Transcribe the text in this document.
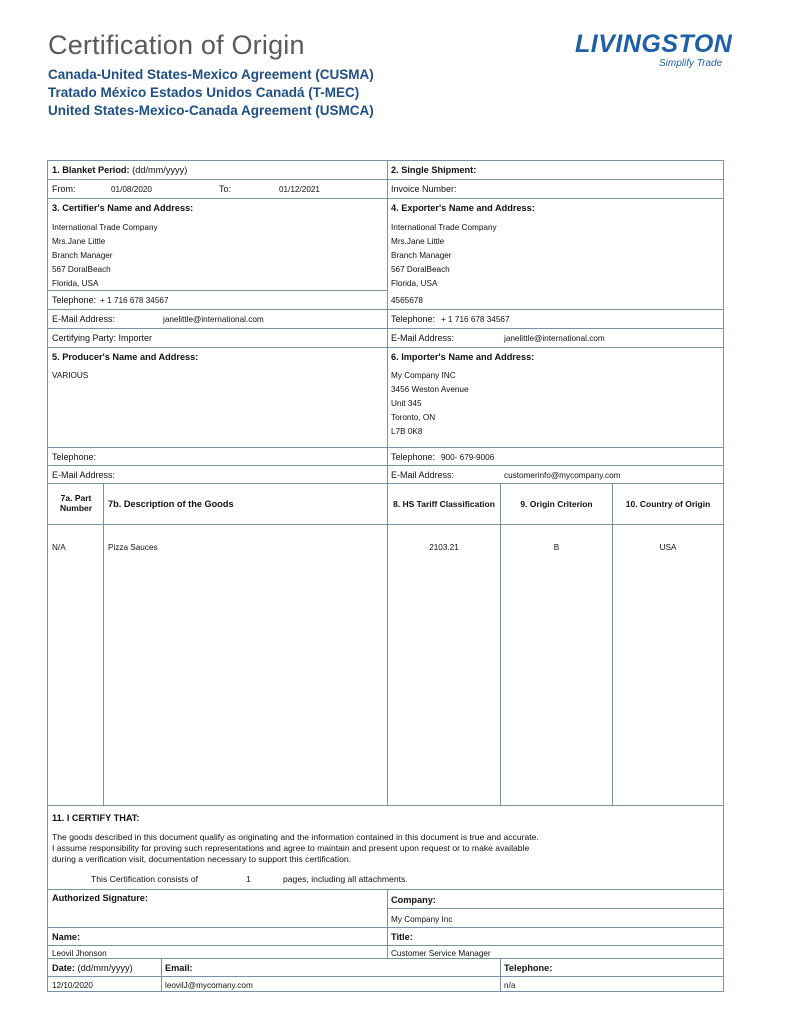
Certification of Origin
Canada-United States-Mexico Agreement (CUSMA)
Tratado México Estados Unidos Canadá (T-MEC)
United States-Mexico-Canada Agreement (USMCA)
LIVINGSTON
Simplify Trade
1. Blanket Period: (dd/mm/yyyy)
From:	01/08/2020	To:	01/12/2021
2. Single Shipment:
Invoice Number:
3. Certifier's Name and Address:
International Trade Company
Mrs.Jane Little
Branch Manager
567 DoralBeach
Florida, USA
Telephone: + 1 716 678 34567
E-Mail Address:	janelittle@international.com
Certifying Party: Importer
4. Exporter's Name and Address:
International Trade Company
Mrs.Jane Little
Branch Manager
567 DoralBeach
Florida, USA
4565678
Telephone: + 1 716 678 34567
E-Mail Address:	janelittle@international.com
5. Producer's Name and Address:
VARIOUS
Telephone:
E-Mail Address:
6. Importer's Name and Address:
My Company INC
3456 Weston Avenue
Unit 345
Toronto, ON
L7B 0K8
Telephone: 900- 679-9006
E-Mail Address:	customerinfo@mycompany.com
7a. Part Number	7b. Description of the Goods	8. HS Tariff Classification	9. Origin Criterion	10. Country of Origin
N/A	Pizza Sauces	2103.21	B	USA
11. I CERTIFY THAT:
The goods described in this document qualify as originating and the information contained in this document is true and accurate.
I assume responsibility for proving such representations and agree to maintain and present upon request or to make available
during a verification visit, documentation necessary to support this certification.
This Certification consists of	1	pages, including all attachments.
Authorized Signature:	Company:
My Company Inc
Name:
Leovil Jhonson
Title:
Customer Service Manager
Date: (dd/mm/yyyy)
12/10/2020
Email:
leovilJ@mycomany.com
Telephone:
n/a
